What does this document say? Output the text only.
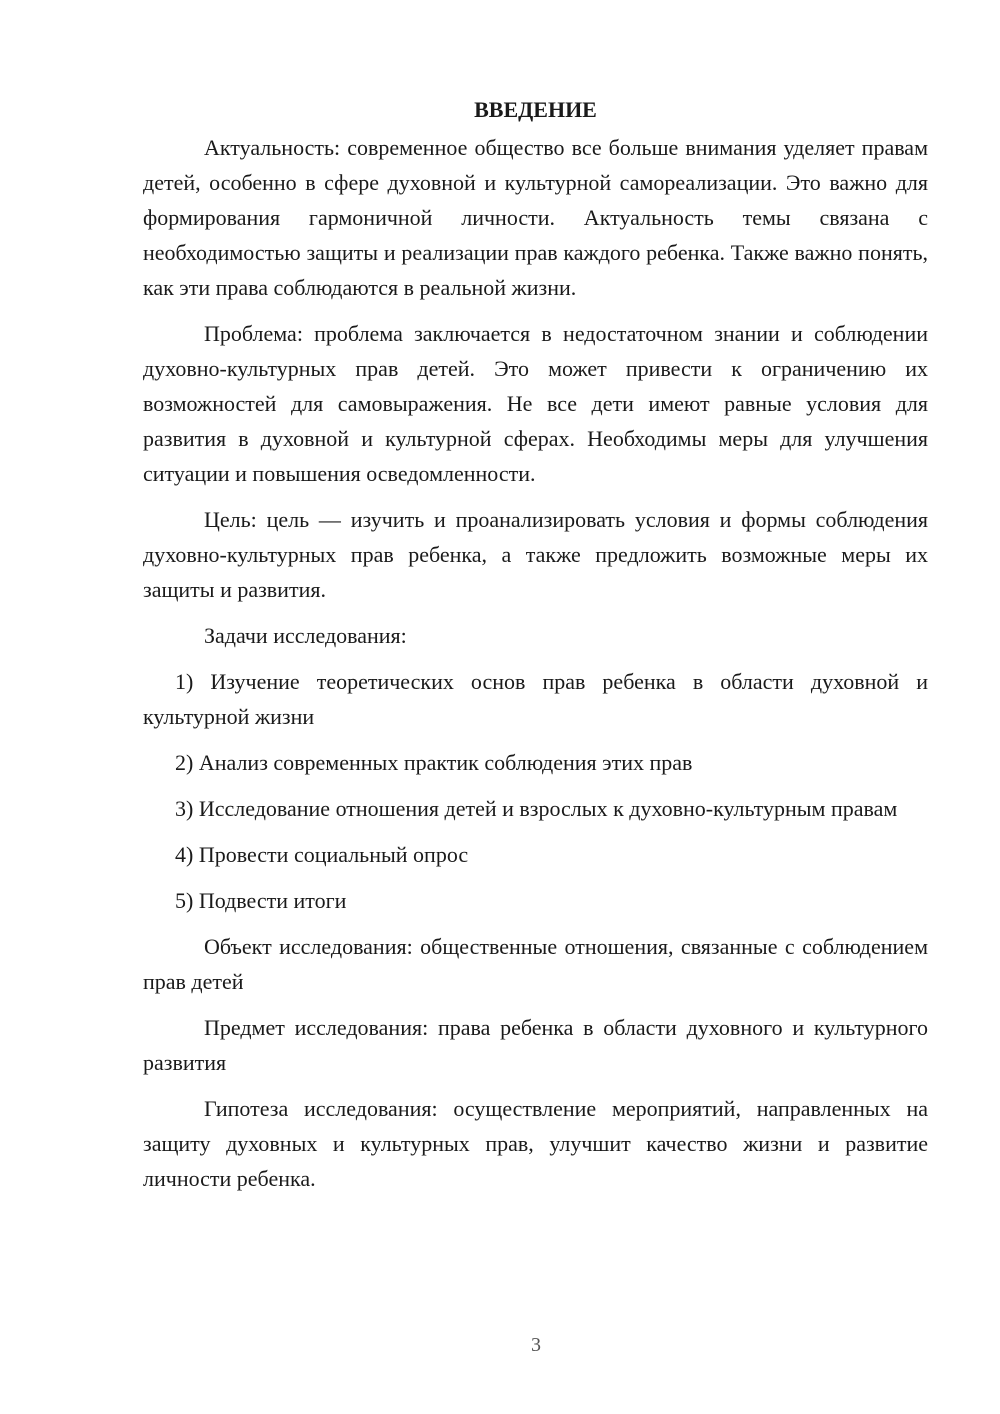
ВВЕДЕНИЕ

Актуальность: современное общество все больше внимания уделяет правам детей, особенно в сфере духовной и культурной самореализации. Это важно для формирования гармоничной личности. Актуальность темы связана с необходимостью защиты и реализации прав каждого ребенка. Также важно понять, как эти права соблюдаются в реальной жизни.

Проблема: проблема заключается в недостаточном знании и соблюдении духовно-культурных прав детей. Это может привести к ограничению их возможностей для самовыражения. Не все дети имеют равные условия для развития в духовной и культурной сферах. Необходимы меры для улучшения ситуации и повышения осведомленности.

Цель: цель — изучить и проанализировать условия и формы соблюдения духовно-культурных прав ребенка, а также предложить возможные меры их защиты и развития.

Задачи исследования:

1) Изучение теоретических основ прав ребенка в области духовной и культурной жизни

2) Анализ современных практик соблюдения этих прав

3) Исследование отношения детей и взрослых к духовно-культурным правам

4) Провести социальный опрос

5) Подвести итоги

Объект исследования: общественные отношения, связанные с соблюдением прав детей

Предмет исследования: права ребенка в области духовного и культурного развития

Гипотеза исследования: осуществление мероприятий, направленных на защиту духовных и культурных прав, улучшит качество жизни и развитие личности ребенка.

3
